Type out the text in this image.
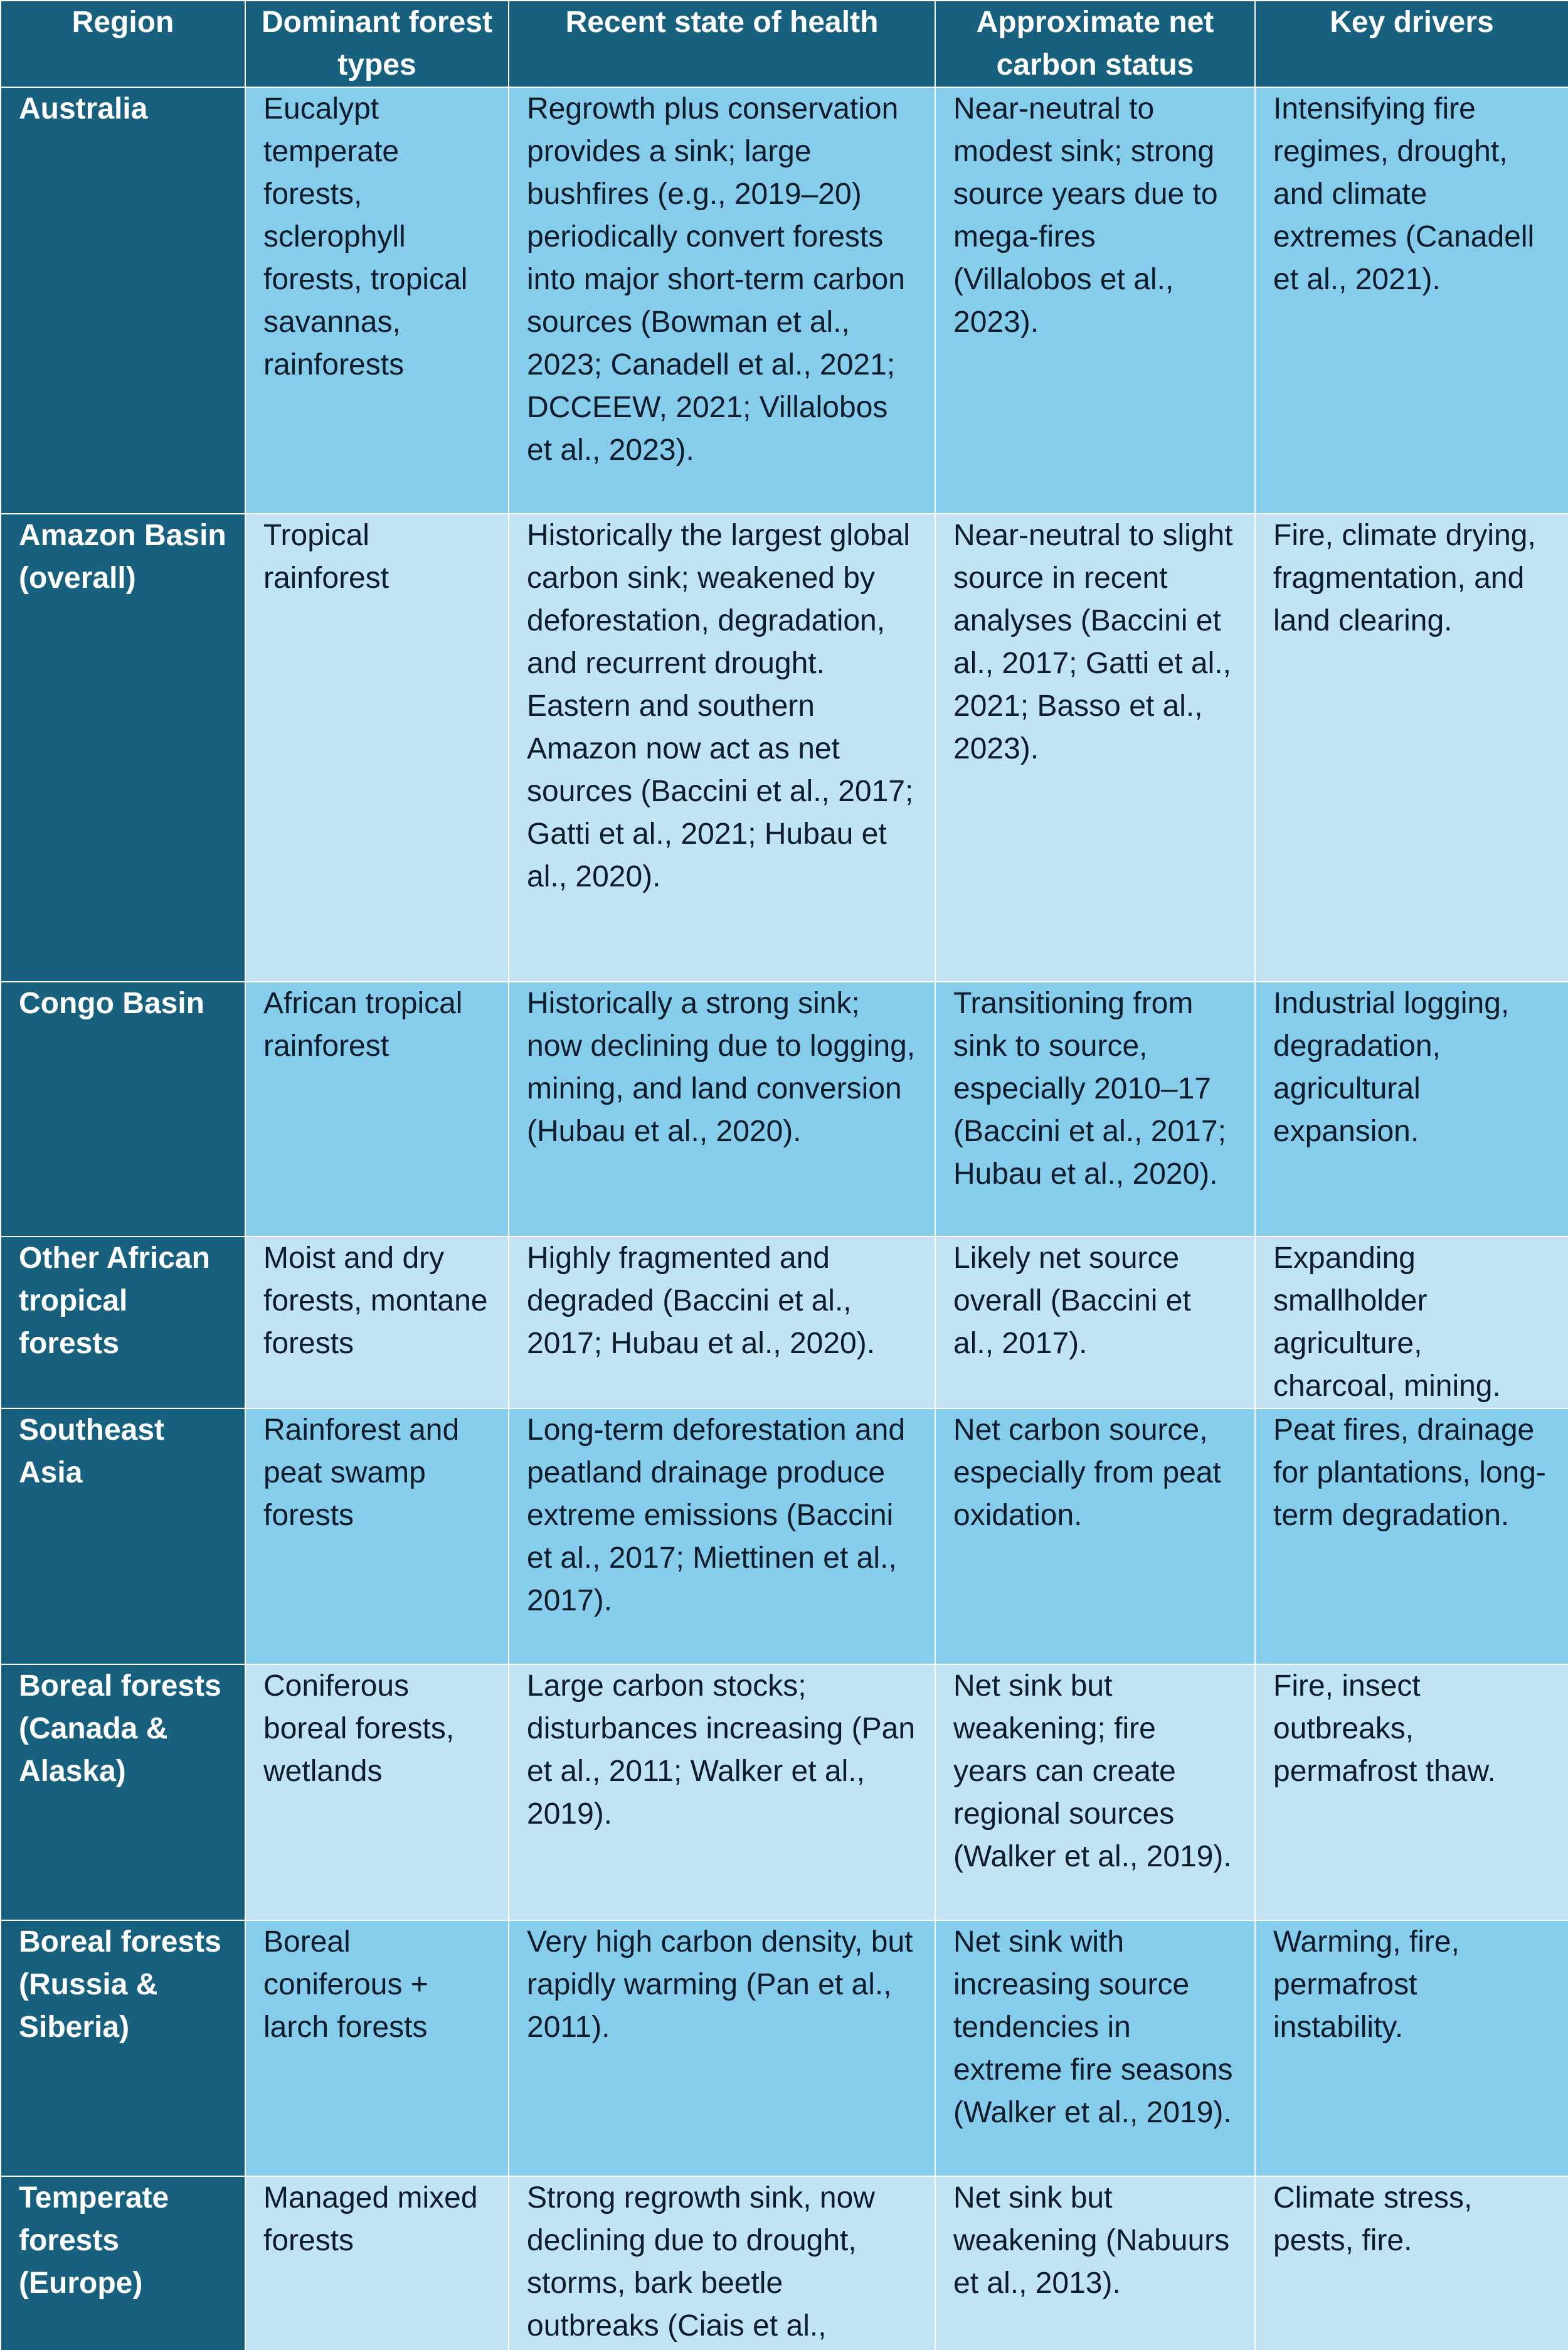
Region	Dominant forest types	Recent state of health	Approximate net carbon status	Key drivers
Australia	Eucalypt temperate forests, sclerophyll forests, tropical savannas, rainforests	Regrowth plus conservation provides a sink; large bushfires (e.g., 2019–20) periodically convert forests into major short-term carbon sources (Bowman et al., 2023; Canadell et al., 2021; DCCEEW, 2021; Villalobos et al., 2023).	Near-neutral to modest sink; strong source years due to mega-fires (Villalobos et al., 2023).	Intensifying fire regimes, drought, and climate extremes (Canadell et al., 2021).
Amazon Basin (overall)	Tropical rainforest	Historically the largest global carbon sink; weakened by deforestation, degradation, and recurrent drought. Eastern and southern Amazon now act as net sources (Baccini et al., 2017; Gatti et al., 2021; Hubau et al., 2020).	Near-neutral to slight source in recent analyses (Baccini et al., 2017; Gatti et al., 2021; Basso et al., 2023).	Fire, climate drying, fragmentation, and land clearing.
Congo Basin	African tropical rainforest	Historically a strong sink; now declining due to logging, mining, and land conversion (Hubau et al., 2020).	Transitioning from sink to source, especially 2010–17 (Baccini et al., 2017; Hubau et al., 2020).	Industrial logging, degradation, agricultural expansion.
Other African tropical forests	Moist and dry forests, montane forests	Highly fragmented and degraded (Baccini et al., 2017; Hubau et al., 2020).	Likely net source overall (Baccini et al., 2017).	Expanding smallholder agriculture, charcoal, mining.
Southeast Asia	Rainforest and peat swamp forests	Long-term deforestation and peatland drainage produce extreme emissions (Baccini et al., 2017; Miettinen et al., 2017).	Net carbon source, especially from peat oxidation.	Peat fires, drainage for plantations, long-term degradation.
Boreal forests (Canada & Alaska)	Coniferous boreal forests, wetlands	Large carbon stocks; disturbances increasing (Pan et al., 2011; Walker et al., 2019).	Net sink but weakening; fire years can create regional sources (Walker et al., 2019).	Fire, insect outbreaks, permafrost thaw.
Boreal forests (Russia & Siberia)	Boreal coniferous + larch forests	Very high carbon density, but rapidly warming (Pan et al., 2011).	Net sink with increasing source tendencies in extreme fire seasons (Walker et al., 2019).	Warming, fire, permafrost instability.
Temperate forests (Europe)	Managed mixed forests	Strong regrowth sink, now declining due to drought, storms, bark beetle outbreaks (Ciais et al.,	Net sink but weakening (Nabuurs et al., 2013).	Climate stress, pests, fire.
